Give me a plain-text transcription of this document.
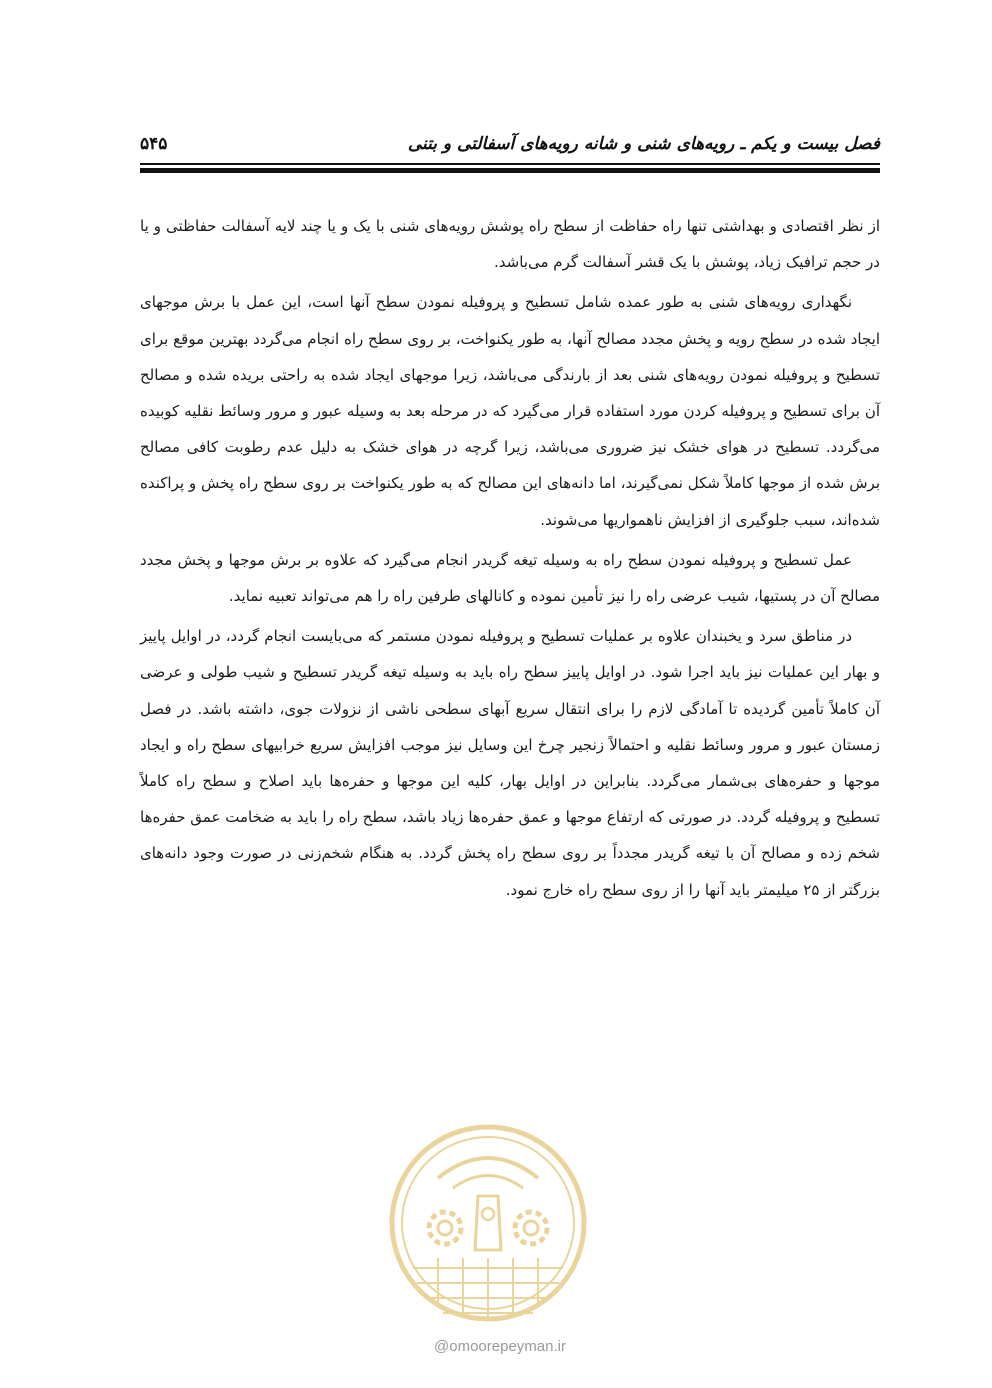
فصل بیست و یکم ـ رویه‌های شنی و شانه رویه‌های آسفالتی و بتنی
۵۴۵

از نظر اقتصادی و بهداشتی تنها راه حفاظت از سطح راه پوشش رویه‌های شنی با یک و یا چند لایه آسفالت حفاظتی و یا در حجم ترافیک زیاد، پوشش با یک قشر آسفالت گرم می‌باشد.

نگهداری رویه‌های شنی به طور عمده شامل تسطیح و پروفیله نمودن سطح آنها است، این عمل با برش موجهای ایجاد شده در سطح رویه و پخش مجدد مصالح آنها، به طور یکنواخت، بر روی سطح راه انجام می‌گردد بهترین موقع برای تسطیح و پروفیله نمودن رویه‌های شنی بعد از بارندگی می‌باشد، زیرا موجهای ایجاد شده به راحتی بریده شده و مصالح آن برای تسطیح و پروفیله کردن مورد استفاده قرار می‌گیرد که در مرحله بعد به وسیله عبور و مرور وسائط نقلیه کوبیده می‌گردد. تسطیح در هوای خشک نیز ضروری می‌باشد، زیرا گرچه در هوای خشک به دلیل عدم رطوبت کافی مصالح برش شده از موجها کاملاً شکل نمی‌گیرند، اما دانه‌های این مصالح که به طور یکنواخت بر روی سطح راه پخش و پراکنده شده‌اند، سبب جلوگیری از افزایش ناهمواریها می‌شوند.

عمل تسطیح و پروفیله نمودن سطح راه به وسیله تیغه گریدر انجام می‌گیرد که علاوه بر برش موجها و پخش مجدد مصالح آن در پستیها، شیب عرضی راه را نیز تأمین نموده و کانالهای طرفین راه را هم می‌تواند تعبیه نماید.

در مناطق سرد و یخبندان علاوه بر عملیات تسطیح و پروفیله نمودن مستمر که می‌بایست انجام گردد، در اوایل پاییز و بهار این عملیات نیز باید اجرا شود. در اوایل پاییز سطح راه باید به وسیله تیغه گریدر تسطیح و شیب طولی و عرضی آن کاملاً تأمین گردیده تا آمادگی لازم را برای انتقال سریع آبهای سطحی ناشی از نزولات جوی، داشته باشد. در فصل زمستان عبور و مرور وسائط نقلیه و احتمالاً زنجیر چرخ این وسایل نیز موجب افزایش سریع خرابیهای سطح راه و ایجاد موجها و حفره‌های بی‌شمار می‌گردد. بنابراین در اوایل بهار، کلیه این موجها و حفره‌ها باید اصلاح و سطح راه کاملاً تسطیح و پروفیله گردد. در صورتی که ارتفاع موجها و عمق حفره‌ها زیاد باشد، سطح راه را باید به ضخامت عمق حفره‌ها شخم زده و مصالح آن با تیغه گریدر مجدداً بر روی سطح راه پخش گردد. به هنگام شخم‌زنی در صورت وجود دانه‌های بزرگتر از ۲۵ میلیمتر باید آنها را از روی سطح راه خارج نمود.

@omoorepeyman.ir
